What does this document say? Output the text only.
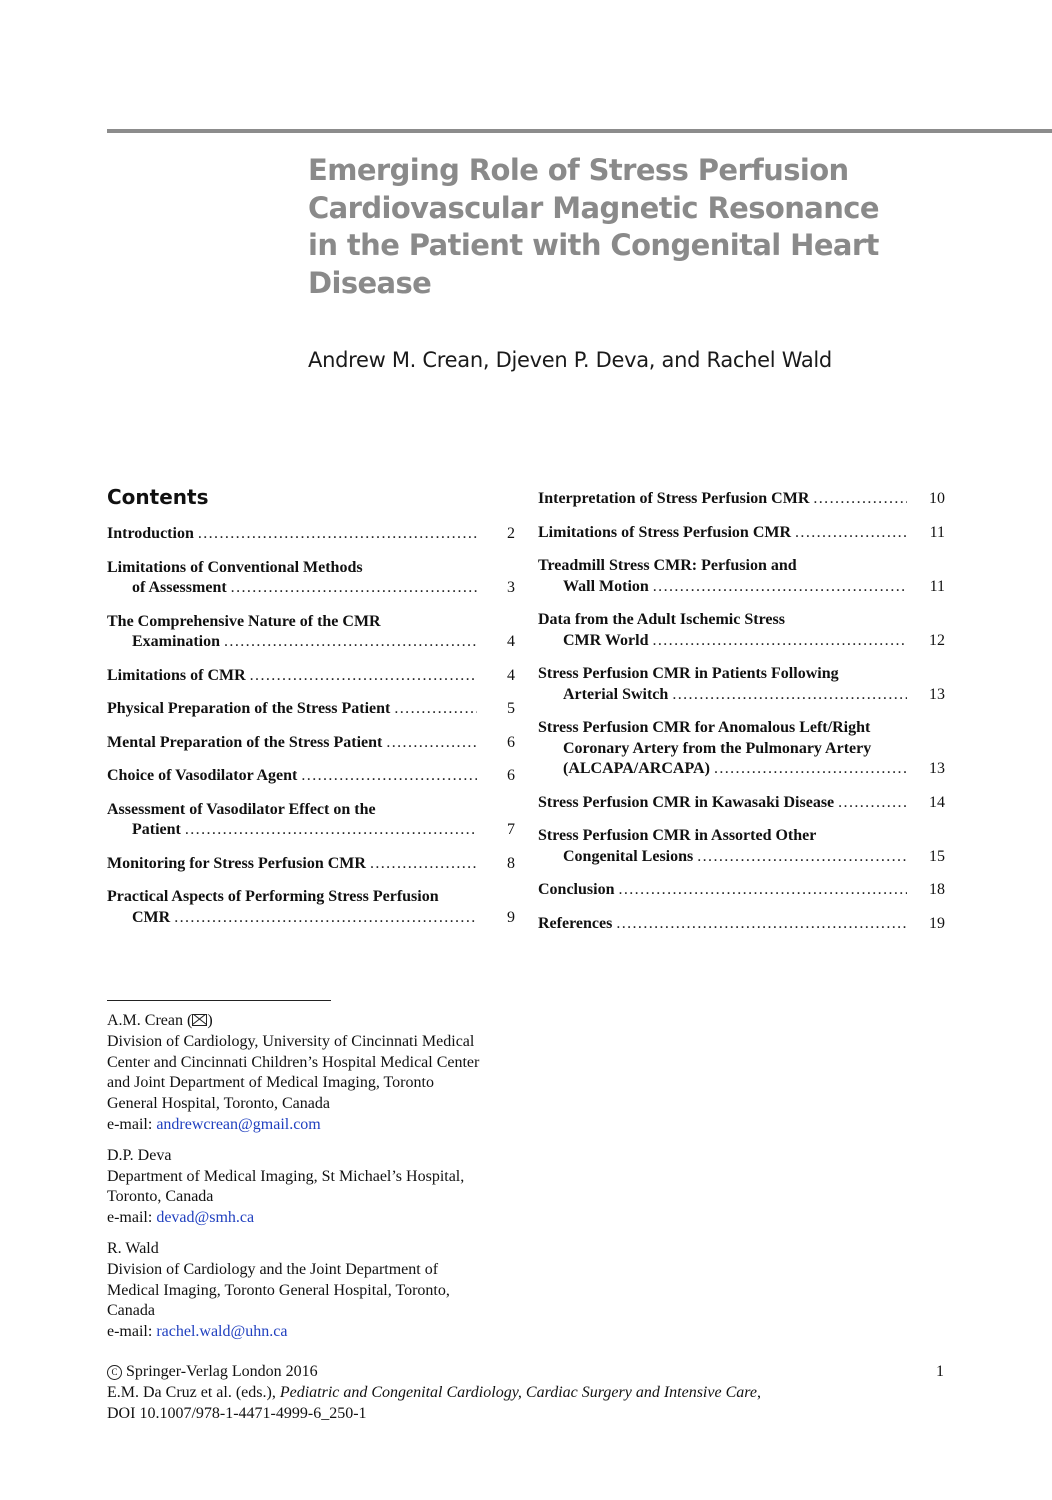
Emerging Role of Stress Perfusion
Cardiovascular Magnetic Resonance
in the Patient with Congenital Heart
Disease
Andrew M. Crean, Djeven P. Deva, and Rachel Wald
Contents
Introduction . . .	2
Limitations of Conventional Methods
of Assessment . . .	3
The Comprehensive Nature of the CMR
Examination . . .	4
Limitations of CMR . . .	4
Physical Preparation of the Stress Patient . . .	5
Mental Preparation of the Stress Patient . . .	6
Choice of Vasodilator Agent . . .	6
Assessment of Vasodilator Effect on the
Patient . . .	7
Monitoring for Stress Perfusion CMR . . .	8
Practical Aspects of Performing Stress Perfusion
CMR . . .	9
Interpretation of Stress Perfusion CMR . . .	10
Limitations of Stress Perfusion CMR . . .	11
Treadmill Stress CMR: Perfusion and
Wall Motion . . .	11
Data from the Adult Ischemic Stress
CMR World . . .	12
Stress Perfusion CMR in Patients Following
Arterial Switch . . .	13
Stress Perfusion CMR for Anomalous Left/Right
Coronary Artery from the Pulmonary Artery
(ALCAPA/ARCAPA) . . .	13
Stress Perfusion CMR in Kawasaki Disease . . .	14
Stress Perfusion CMR in Assorted Other
Congenital Lesions . . .	15
Conclusion . . .	18
References . . .	19
A.M. Crean ( )
Division of Cardiology, University of Cincinnati Medical
Center and Cincinnati Children’s Hospital Medical Center
and Joint Department of Medical Imaging, Toronto
General Hospital, Toronto, Canada
e-mail: andrewcrean@gmail.com
D.P. Deva
Department of Medical Imaging, St Michael’s Hospital,
Toronto, Canada
e-mail: devad@smh.ca
R. Wald
Division of Cardiology and the Joint Department of
Medical Imaging, Toronto General Hospital, Toronto,
Canada
e-mail: rachel.wald@uhn.ca
C Springer-Verlag London 2016
E.M. Da Cruz et al. (eds.), Pediatric and Congenital Cardiology, Cardiac Surgery and Intensive Care,
DOI 10.1007/978-1-4471-4999-6_250-1
1
